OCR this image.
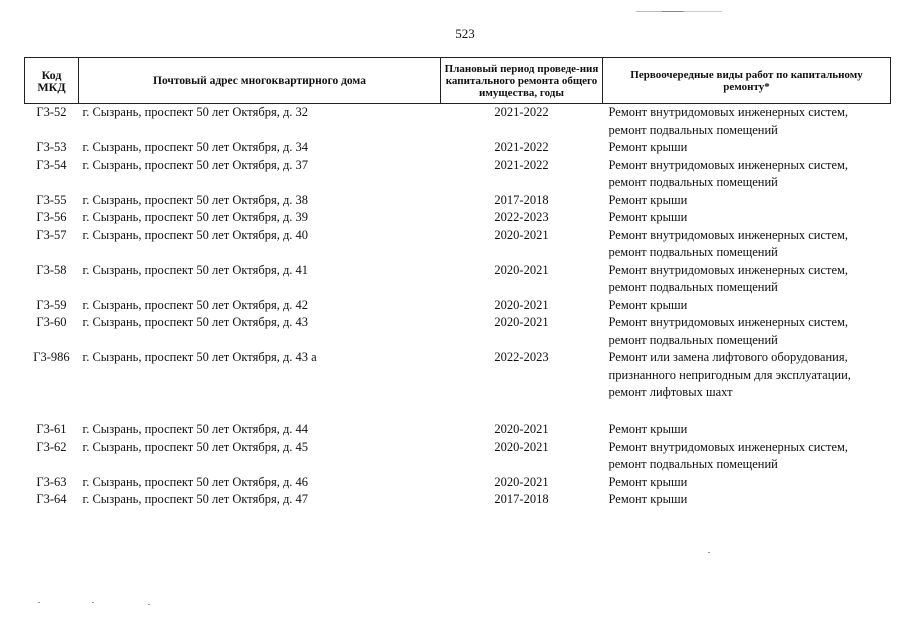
523
Код МКД	Почтовый адрес многоквартирного дома	Плановый период проведе-ния капитального ремонта общего имущества, годы	Первоочередные виды работ по капитальному ремонту*
Г3-52	г. Сызрань, проспект 50 лет Октября, д. 32	2021-2022	Ремонт внутридомовых инженерных систем,
ремонт подвальных помещений

Г3-53	г. Сызрань, проспект 50 лет Октября, д. 34	2021-2022	Ремонт крыши

Г3-54	г. Сызрань, проспект 50 лет Октября, д. 37	2021-2022	Ремонт внутридомовых инженерных систем,
ремонт подвальных помещений

Г3-55	г. Сызрань, проспект 50 лет Октября, д. 38	2017-2018	Ремонт крыши

Г3-56	г. Сызрань, проспект 50 лет Октября, д. 39	2022-2023	Ремонт крыши

Г3-57	г. Сызрань, проспект 50 лет Октября, д. 40	2020-2021	Ремонт внутридомовых инженерных систем,
ремонт подвальных помещений

Г3-58	г. Сызрань, проспект 50 лет Октября, д. 41	2020-2021	Ремонт внутридомовых инженерных систем,
ремонт подвальных помещений

Г3-59	г. Сызрань, проспект 50 лет Октября, д. 42	2020-2021	Ремонт крыши

Г3-60	г. Сызрань, проспект 50 лет Октября, д. 43	2020-2021	Ремонт внутридомовых инженерных систем,
ремонт подвальных помещений

Г3-986	г. Сызрань, проспект 50 лет Октября, д. 43 а	2022-2023	Ремонт или замена лифтового оборудования,
признанного непригодным для эксплуатации,
ремонт лифтовых шахт

Г3-61	г. Сызрань, проспект 50 лет Октября, д. 44	2020-2021	Ремонт крыши

Г3-62	г. Сызрань, проспект 50 лет Октября, д. 45	2020-2021	Ремонт внутридомовых инженерных систем,
ремонт подвальных помещений

Г3-63	г. Сызрань, проспект 50 лет Октября, д. 46	2020-2021	Ремонт крыши

Г3-64	г. Сызрань, проспект 50 лет Октября, д. 47	2017-2018	Ремонт крыши
